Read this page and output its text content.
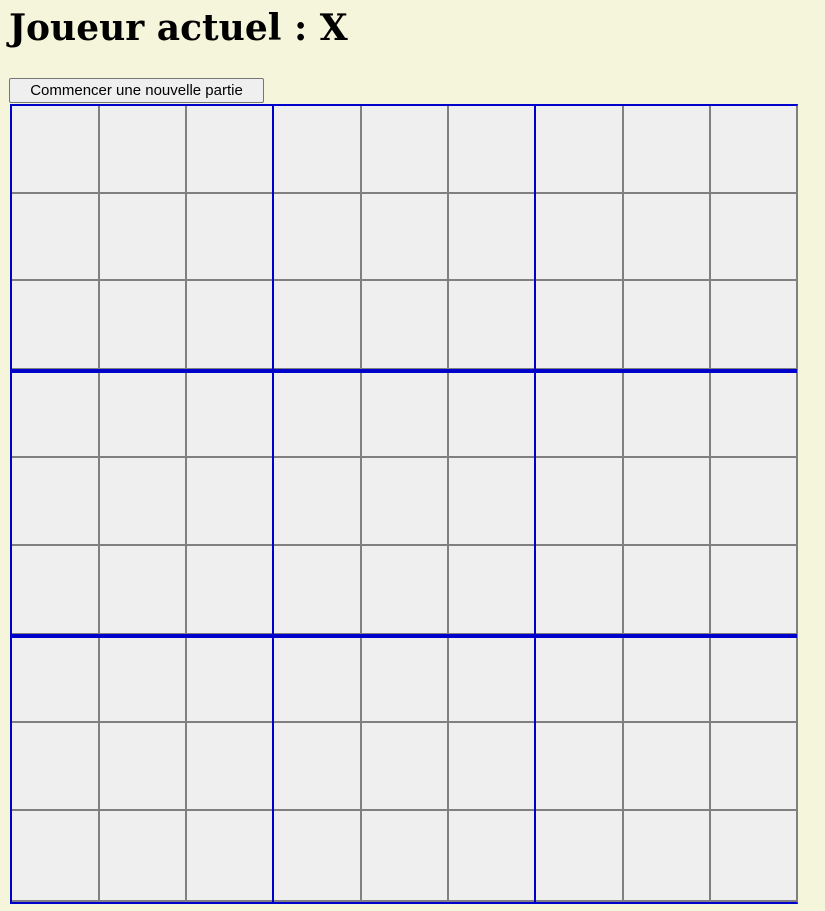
Joueur actuel : X
Commencer une nouvelle partie
